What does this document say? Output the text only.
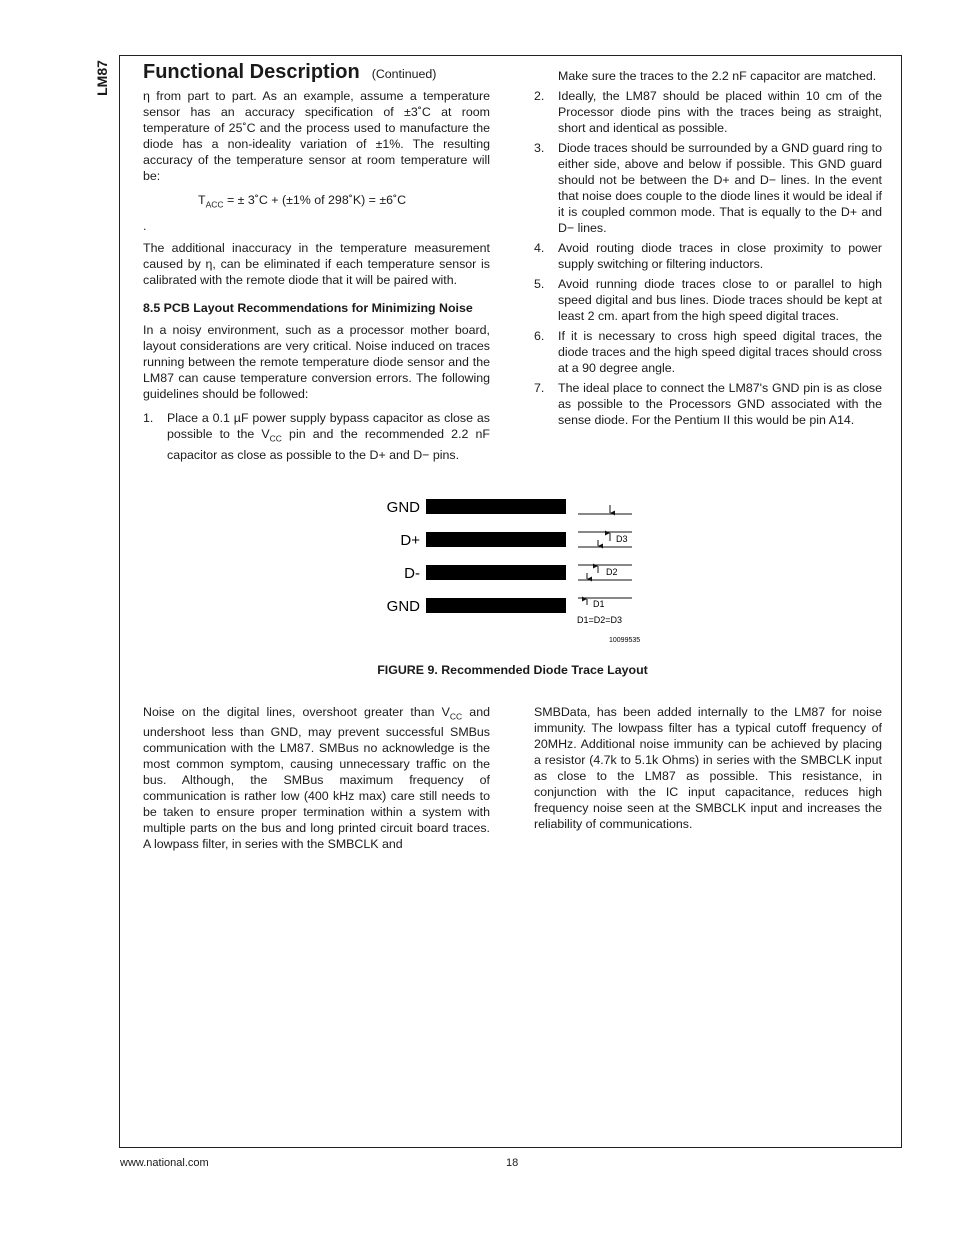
LM87 Functional Description (Continued)

η from part to part. As an example, assume a temperature sensor has an accuracy specification of ±3˚C at room temperature of 25˚C and the process used to manufacture the diode has a non-ideality variation of ±1%. The resulting accuracy of the temperature sensor at room temperature will be:

$T_{ACC}$ = ± 3˚C + (±1% of 298˚K) = ±6˚C

.

The additional inaccuracy in the temperature measurement caused by η, can be eliminated if each temperature sensor is calibrated with the remote diode that it will be paired with.

8.5 PCB Layout Recommendations for Minimizing Noise

In a noisy environment, such as a processor mother board, layout considerations are very critical. Noise induced on traces running between the remote temperature diode sensor and the LM87 can cause temperature conversion errors. The following guidelines should be followed:

1. Place a 0.1 µF power supply bypass capacitor as close as possible to the $V_{CC}$ pin and the recommended 2.2 nF capacitor as close as possible to the D+ and D− pins.

Make sure the traces to the 2.2 nF capacitor are matched.

2. Ideally, the LM87 should be placed within 10 cm of the Processor diode pins with the traces being as straight, short and identical as possible.
3. Diode traces should be surrounded by a GND guard ring to either side, above and below if possible. This GND guard should not be between the D+ and D− lines. In the event that noise does couple to the diode lines it would be ideal if it is coupled common mode. That is equally to the D+ and D− lines.
4. Avoid routing diode traces in close proximity to power supply switching or filtering inductors.
5. Avoid running diode traces close to or parallel to high speed digital and bus lines. Diode traces should be kept at least 2 cm. apart from the high speed digital traces.
6. If it is necessary to cross high speed digital traces, the diode traces and the high speed digital traces should cross at a 90 degree angle.
7. The ideal place to connect the LM87's GND pin is as close as possible to the Processors GND associated with the sense diode. For the Pentium II this would be pin A14.
GND
D+
D-
GND
D3
D2
D1
D1=D2=D3
10099535
FIGURE 9. Recommended Diode Trace Layout

Noise on the digital lines, overshoot greater than $V_{CC}$ and undershoot less than GND, may prevent successful SMBus communication with the LM87. SMBus no acknowledge is the most common symptom, causing unnecessary traffic on the bus. Although, the SMBus maximum frequency of communication is rather low (400 kHz max) care still needs to be taken to ensure proper termination within a system with multiple parts on the bus and long printed circuit board traces. A lowpass filter, in series with the SMBCLK and

SMBData, has been added internally to the LM87 for noise immunity. The lowpass filter has a typical cutoff frequency of 20MHz. Additional noise immunity can be achieved by placing a resistor (4.7k to 5.1k Ohms) in series with the SMBCLK input as close to the LM87 as possible. This resistance, in conjunction with the IC input capacitance, reduces high frequency noise seen at the SMBCLK input and increases the reliability of communications.

www.national.com	18
